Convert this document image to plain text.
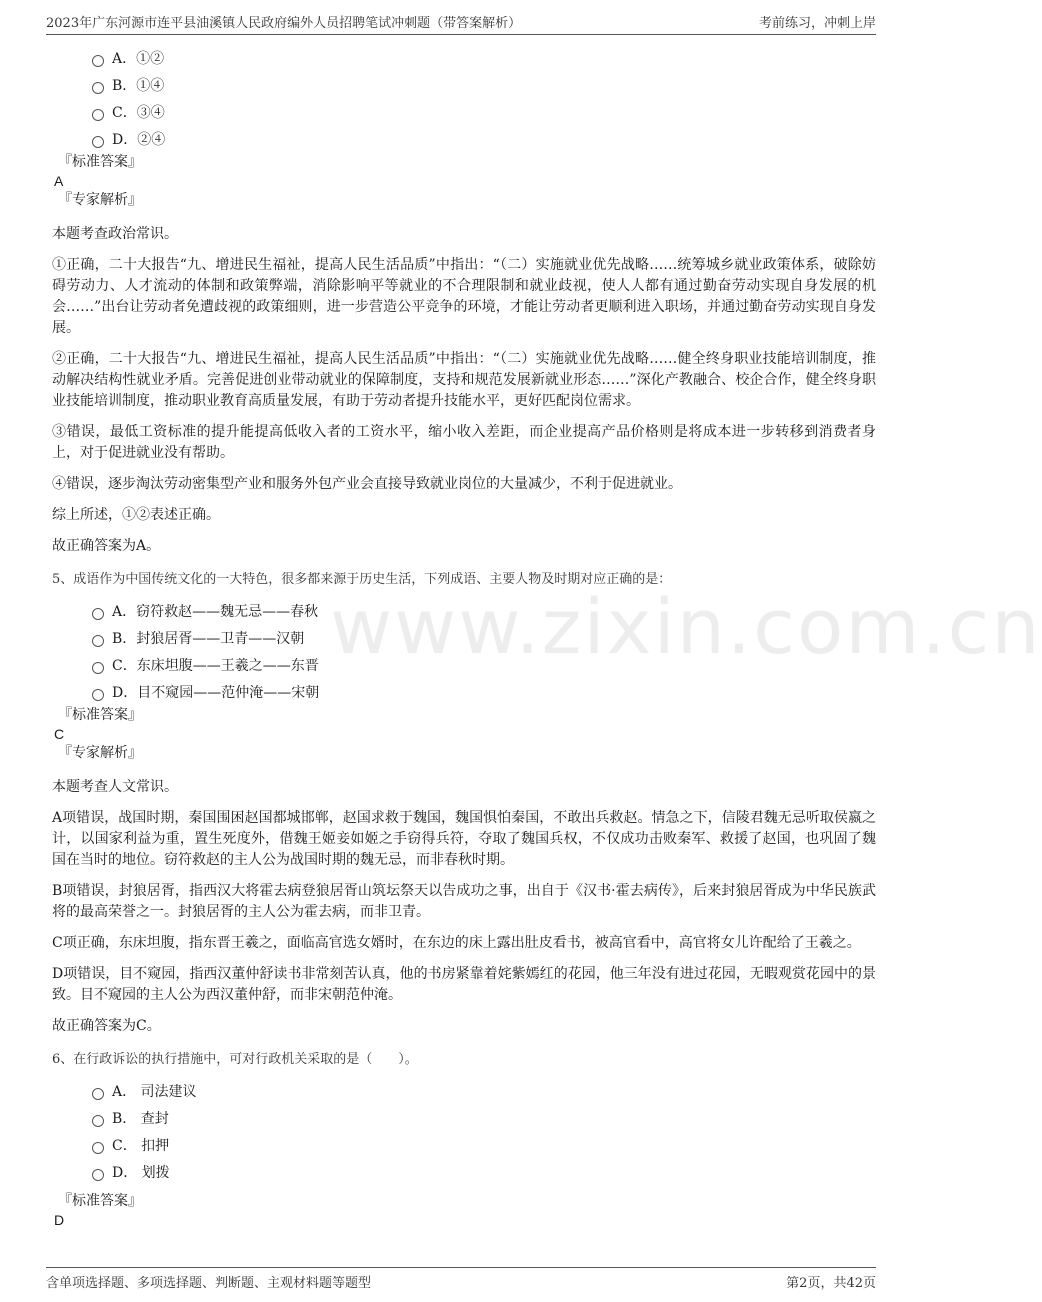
2023年广东河源市连平县油溪镇人民政府编外人员招聘笔试冲刺题（带答案解析）	考前练习，冲刺上岸
www.zixin.com.cn
A．①②
B．①④
C．③④
D．②④
『标准答案』
A
『专家解析』
本题考查政治常识。
①正确，二十大报告“九、增进民生福祉，提高人民生活品质”中指出：“（二）实施就业优先战略……统筹城乡就业政策体系，破除妨碍劳动力、人才流动的体制和政策弊端，消除影响平等就业的不合理限制和就业歧视，使人人都有通过勤奋劳动实现自身发展的机会……”出台让劳动者免遭歧视的政策细则，进一步营造公平竞争的环境，才能让劳动者更顺利进入职场，并通过勤奋劳动实现自身发展。
②正确，二十大报告“九、增进民生福祉，提高人民生活品质”中指出：“（二）实施就业优先战略……健全终身职业技能培训制度，推动解决结构性就业矛盾。完善促进创业带动就业的保障制度，支持和规范发展新就业形态……”深化产教融合、校企合作，健全终身职业技能培训制度，推动职业教育高质量发展，有助于劳动者提升技能水平，更好匹配岗位需求。
③错误，最低工资标准的提升能提高低收入者的工资水平，缩小收入差距，而企业提高产品价格则是将成本进一步转移到消费者身上，对于促进就业没有帮助。
④错误，逐步淘汰劳动密集型产业和服务外包产业会直接导致就业岗位的大量减少，不利于促进就业。
综上所述，①②表述正确。
故正确答案为A。
5、成语作为中国传统文化的一大特色，很多都来源于历史生活，下列成语、主要人物及时期对应正确的是：
A．窃符救赵——魏无忌——春秋
B．封狼居胥——卫青——汉朝
C．东床坦腹——王羲之——东晋
D．目不窥园——范仲淹——宋朝
『标准答案』
C
『专家解析』
本题考查人文常识。
A项错误，战国时期，秦国围困赵国都城邯郸，赵国求救于魏国，魏国惧怕秦国，不敢出兵救赵。情急之下，信陵君魏无忌听取侯嬴之计，以国家利益为重，置生死度外，借魏王姬妾如姬之手窃得兵符，夺取了魏国兵权，不仅成功击败秦军、救援了赵国，也巩固了魏国在当时的地位。窃符救赵的主人公为战国时期的魏无忌，而非春秋时期。
B项错误，封狼居胥，指西汉大将霍去病登狼居胥山筑坛祭天以告成功之事，出自于《汉书·霍去病传》，后来封狼居胥成为中华民族武将的最高荣誉之一。封狼居胥的主人公为霍去病，而非卫青。
C项正确，东床坦腹，指东晋王羲之，面临高官选女婿时，在东边的床上露出肚皮看书，被高官看中，高官将女儿许配给了王羲之。
D项错误，目不窥园，指西汉董仲舒读书非常刻苦认真，他的书房紧靠着姹紫嫣红的花园，他三年没有进过花园，无暇观赏花园中的景致。目不窥园的主人公为西汉董仲舒，而非宋朝范仲淹。
故正确答案为C。
6、在行政诉讼的执行措施中，可对行政机关采取的是（　　）。
A． 司法建议
B． 查封
C． 扣押
D． 划拨
『标准答案』
D
含单项选择题、多项选择题、判断题、主观材料题等题型	第2页，共42页
